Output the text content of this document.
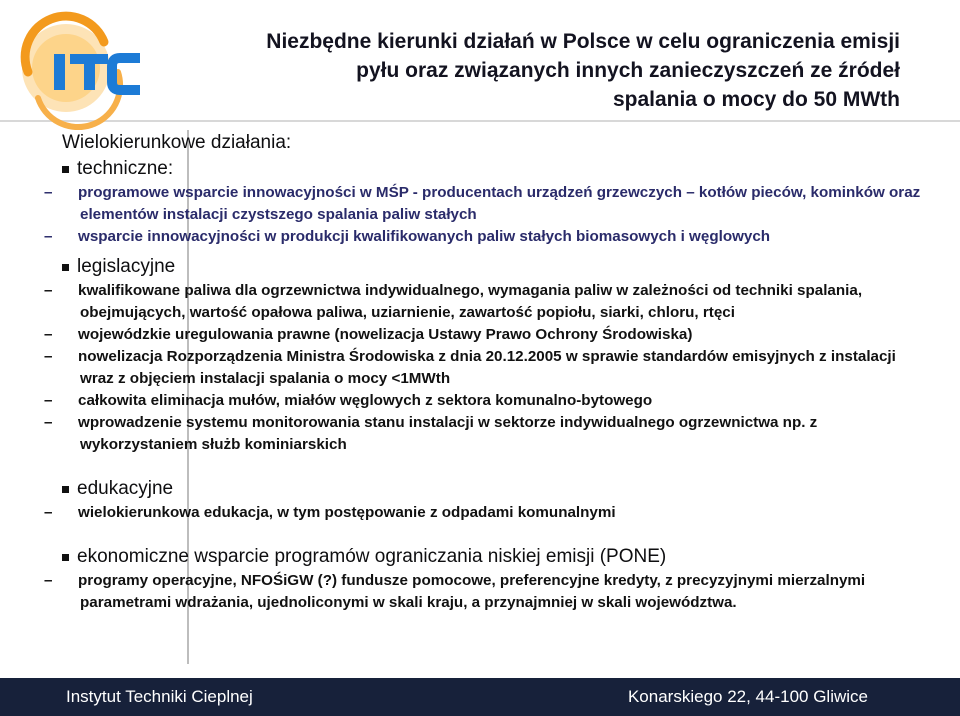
Niezbędne kierunki działań w Polsce w celu ograniczenia emisji
pyłu oraz związanych innych zanieczyszczeń ze źródeł
spalania o mocy do 50 MWth
Wielokierunkowe działania:
techniczne:
– programowe wsparcie innowacyjności w MŚP - producentach urządzeń grzewczych – kotłów pieców, kominków oraz elementów instalacji czystszego spalania paliw stałych
– wsparcie innowacyjności w produkcji kwalifikowanych paliw stałych biomasowych i węglowych
legislacyjne
– kwalifikowane paliwa dla ogrzewnictwa indywidualnego, wymagania paliw w zależności od techniki spalania, obejmujących, wartość opałowa paliwa, uziarnienie, zawartość popiołu, siarki, chloru, rtęci
– wojewódzkie uregulowania prawne (nowelizacja Ustawy Prawo Ochrony Środowiska)
– nowelizacja Rozporządzenia Ministra Środowiska z dnia 20.12.2005 w sprawie standardów emisyjnych z instalacji wraz z objęciem instalacji spalania o mocy <1MWth
– całkowita eliminacja mułów, miałów węglowych z sektora komunalno-bytowego
– wprowadzenie systemu monitorowania stanu instalacji w sektorze indywidualnego ogrzewnictwa np. z wykorzystaniem służb kominiarskich
edukacyjne
– wielokierunkowa edukacja, w tym postępowanie z odpadami komunalnymi
ekonomiczne wsparcie programów ograniczania niskiej emisji (PONE)
– programy operacyjne, NFOŚiGW (?) fundusze pomocowe, preferencyjne kredyty, z precyzyjnymi mierzalnymi parametrami wdrażania, ujednoliconymi w skali kraju, a przynajmniej w skali województwa.
Instytut Techniki Cieplnej	Konarskiego 22, 44-100 Gliwice
